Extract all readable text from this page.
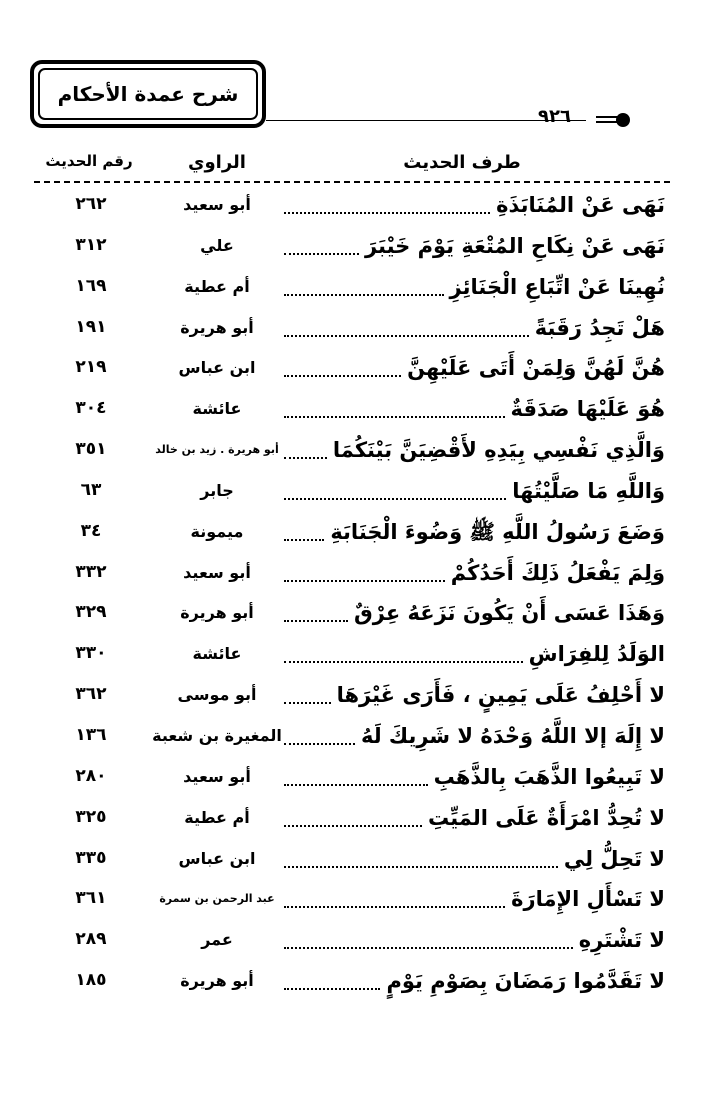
شرح عمدة الأحكام
٩٢٦
طرف الحديث
الراوي
رقم الحديث
نَهَى عَنْ المُنَابَذَةِ
أبو سعيد
٢٦٢
نَهَى عَنْ نِكَاحِ المُتْعَةِ يَوْمَ خَيْبَرَ
علي
٣١٢
نُهِينَا عَنْ اتِّبَاعِ الْجَنَائِزِ
أم عطية
١٦٩
هَلْ تَجِدُ رَقَبَةً
أبو هريرة
١٩١
هُنَّ لَهُنَّ وَلِمَنْ أَتَى عَلَيْهِنَّ
ابن عباس
٢١٩
هُوَ عَلَيْهَا صَدَقَةٌ
عائشة
٣٠٤
وَالَّذِي نَفْسِي بِيَدِهِ لأَقْضِيَنَّ بَيْنَكُمَا
أبو هريرة . زيد بن خالد
٣٥١
وَاللَّهِ مَا صَلَّيْتُهَا
جابر
٦٣
وَضَعَ رَسُولُ اللَّهِ ﷺ وَضُوءَ الْجَنَابَةِ
ميمونة
٣٤
وَلِمَ يَفْعَلُ ذَلِكَ أَحَدُكُمْ
أبو سعيد
٣٣٢
وَهَذَا عَسَى أَنْ يَكُونَ نَزَعَهُ عِرْقٌ
أبو هريرة
٣٢٩
الوَلَدُ لِلفِرَاشِ
عائشة
٣٣٠
لا أَحْلِفُ عَلَى يَمِينٍ ، فَأَرَى غَيْرَهَا
أبو موسى
٣٦٢
لا إِلَهَ إلا اللَّهُ وَحْدَهُ لا شَرِيكَ لَهُ
المغيرة بن شعبة
١٣٦
لا تَبِيعُوا الذَّهَبَ بِالذَّهَبِ
أبو سعيد
٢٨٠
لا تُحِدُّ امْرَأَةٌ عَلَى المَيِّتِ
أم عطية
٣٢٥
لا تَحِلُّ لِي
ابن عباس
٣٣٥
لا تَسْأَلِ الإِمَارَةَ
عبد الرحمن بن سمرة
٣٦١
لا تَشْتَرِهِ
عمر
٢٨٩
لا تَقَدَّمُوا رَمَضَانَ بِصَوْمِ يَوْمٍ
أبو هريرة
١٨٥
